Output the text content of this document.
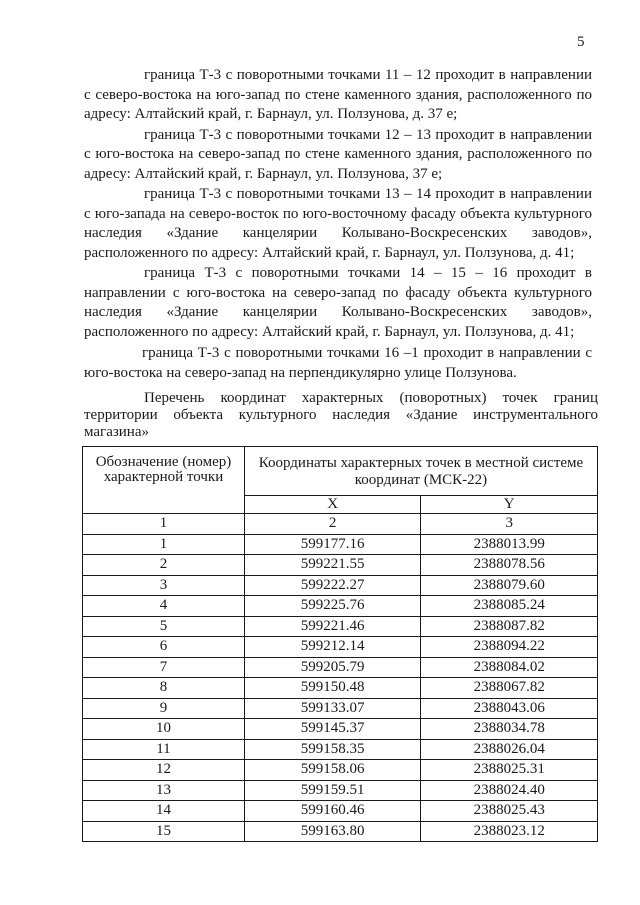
5

граница Т-3 с поворотными точками 11 – 12 проходит в направлении с северо-востока на юго-запад по стене каменного здания, расположенного по адресу: Алтайский край, г. Барнаул, ул. Ползунова, д. 37 е;

граница Т-3 с поворотными точками 12 – 13 проходит в направлении с юго-востока на северо-запад по стене каменного здания, расположенного по адресу: Алтайский край, г. Барнаул, ул. Ползунова, 37 е;

граница Т-3 с поворотными точками 13 – 14 проходит в направлении с юго-запада на северо-восток по юго-восточному фасаду объекта культурного наследия «Здание канцелярии Колывано-Воскресенских заводов», расположенного по адресу: Алтайский край, г. Барнаул, ул. Ползунова, д. 41;

граница Т-3 с поворотными точками 14 – 15 – 16 проходит в направлении с юго-востока на северо-запад по фасаду объекта культурного наследия «Здание канцелярии Колывано-Воскресенских заводов», расположенного по адресу: Алтайский край, г. Барнаул, ул. Ползунова, д. 41;

граница Т-3 с поворотными точками 16 –1 проходит в направлении с юго-востока на северо-запад на перпендикулярно улице Ползунова.

Перечень координат характерных (поворотных) точек границ территории объекта культурного наследия «Здание инструментального магазина»
Обозначение (номер) характерной точки	Координаты характерных точек в местной системе координат (МСК-22)	
	X	Y
1	2	3
1	599177.16	2388013.99
2	599221.55	2388078.56
3	599222.27	2388079.60
4	599225.76	2388085.24
5	599221.46	2388087.82
6	599212.14	2388094.22
7	599205.79	2388084.02
8	599150.48	2388067.82
9	599133.07	2388043.06
10	599145.37	2388034.78
11	599158.35	2388026.04
12	599158.06	2388025.31
13	599159.51	2388024.40
14	599160.46	2388025.43
15	599163.80	2388023.12
